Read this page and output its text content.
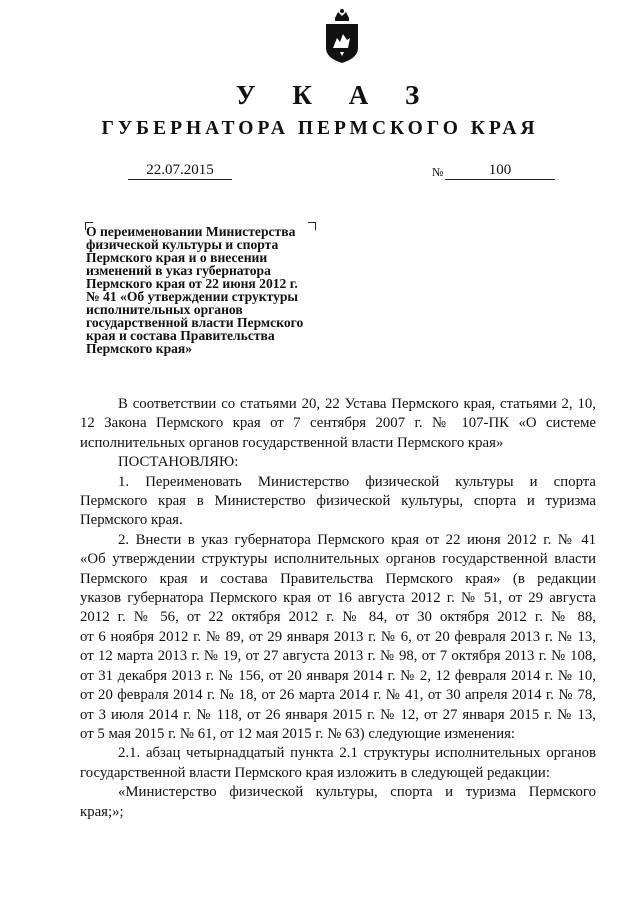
У К А З
ГУБЕРНАТОРА ПЕРМСКОГО КРАЯ
22.07.2015	№	100
О переименовании Министерства
физической культуры и спорта
Пермского края и о внесении
изменений в указ губернатора
Пермского края от 22 июня 2012 г.
№ 41 «Об утверждении структуры
исполнительных органов
государственной власти Пермского
края и состава Правительства
Пермского края»
В соответствии со статьями 20, 22 Устава Пермского края, статьями 2, 10,
12 Закона Пермского края от 7 сентября 2007 г. № 107-ПК «О системе
исполнительных органов государственной власти Пермского края»
ПОСТАНОВЛЯЮ:
1. Переименовать Министерство физической культуры и спорта
Пермского края в Министерство физической культуры, спорта и туризма
Пермского края.
2. Внести в указ губернатора Пермского края от 22 июня 2012 г. № 41
«Об утверждении структуры исполнительных органов государственной власти
Пермского края и состава Правительства Пермского края» (в редакции
указов губернатора Пермского края от 16 августа 2012 г. № 51, от 29 августа
2012 г. № 56, от 22 октября 2012 г. № 84, от 30 октября 2012 г. № 88,
от 6 ноября 2012 г. № 89, от 29 января 2013 г. № 6, от 20 февраля 2013 г. № 13,
от 12 марта 2013 г. № 19, от 27 августа 2013 г. № 98, от 7 октября 2013 г. № 108,
от 31 декабря 2013 г. № 156, от 20 января 2014 г. № 2, 12 февраля 2014 г. № 10,
от 20 февраля 2014 г. № 18, от 26 марта 2014 г. № 41, от 30 апреля 2014 г. № 78,
от 3 июля 2014 г. № 118, от 26 января 2015 г. № 12, от 27 января 2015 г. № 13,
от 5 мая 2015 г. № 61, от 12 мая 2015 г. № 63) следующие изменения:
2.1. абзац четырнадцатый пункта 2.1 структуры исполнительных органов
государственной власти Пермского края изложить в следующей редакции:
«Министерство физической культуры, спорта и туризма Пермского
края;»;
